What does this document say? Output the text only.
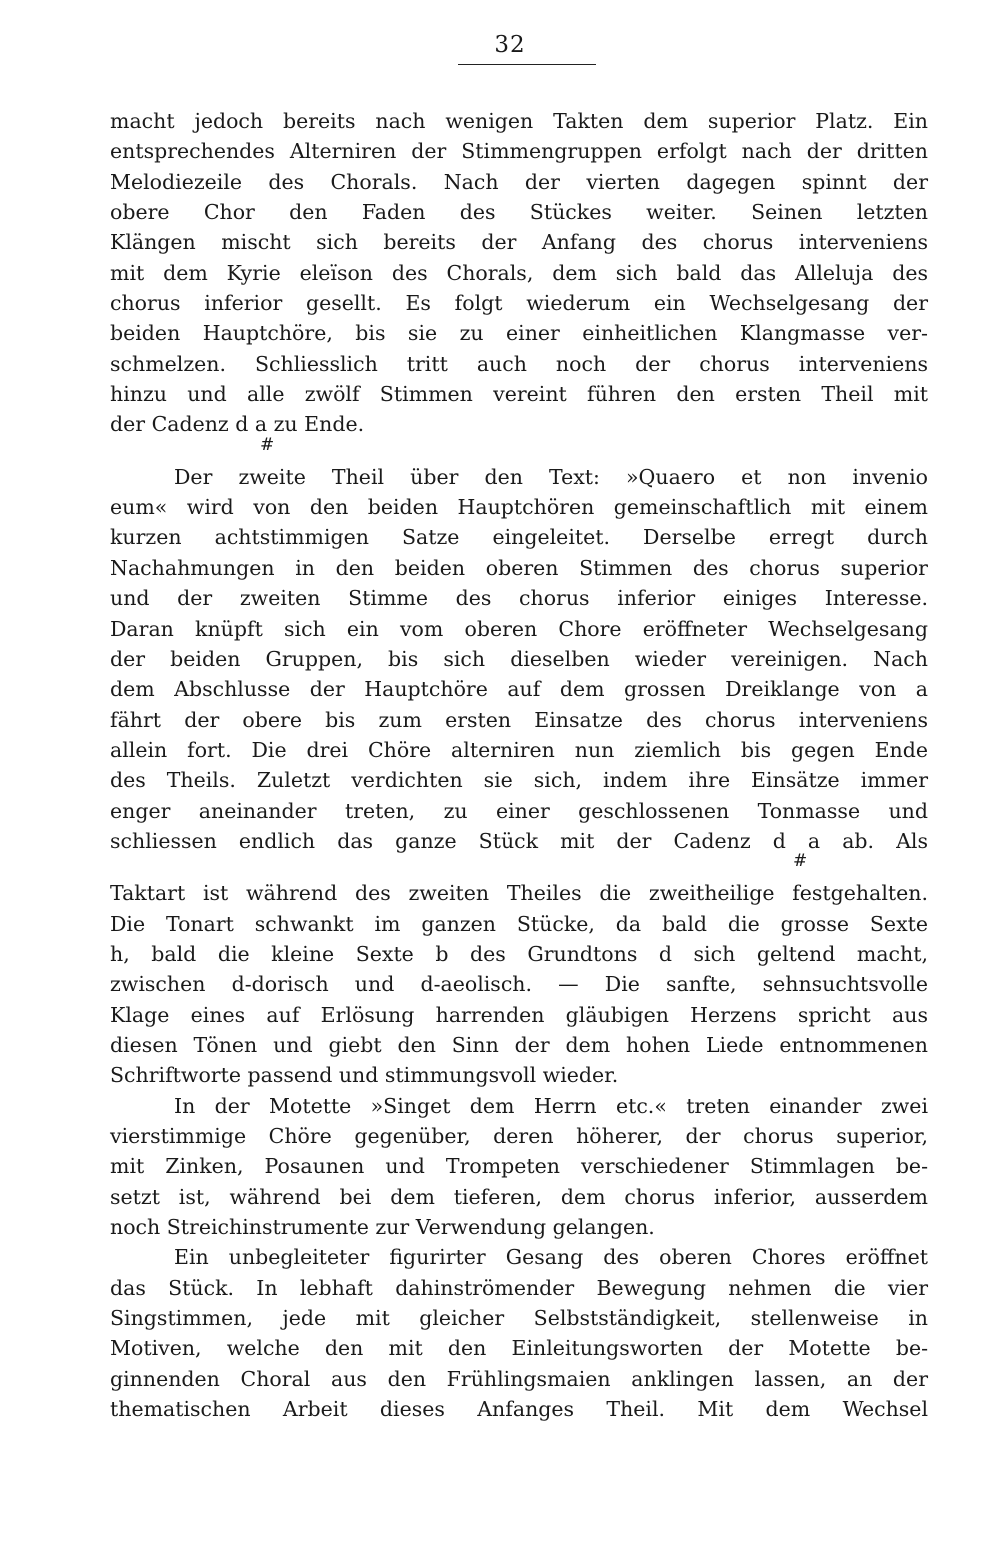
32
macht jedoch bereits nach wenigen Takten dem superior Platz. Ein
entsprechendes Alterniren der Stimmengruppen erfolgt nach der dritten
Melodiezeile des Chorals. Nach der vierten dagegen spinnt der
obere Chor den Faden des Stückes weiter. Seinen letzten
Klängen mischt sich bereits der Anfang des chorus interveniens
mit dem Kyrie eleïson des Chorals, dem sich bald das Alleluja des
chorus inferior gesellt. Es folgt wiederum ein Wechselgesang der
beiden Hauptchöre, bis sie zu einer einheitlichen Klangmasse ver-
schmelzen. Schliesslich tritt auch noch der chorus interveniens
hinzu und alle zwölf Stimmen vereint führen den ersten Theil mit
der Cadenz d a zu Ende.
#
Der zweite Theil über den Text: »Quaero et non invenio
eum« wird von den beiden Hauptchören gemeinschaftlich mit einem
kurzen achtstimmigen Satze eingeleitet. Derselbe erregt durch
Nachahmungen in den beiden oberen Stimmen des chorus superior
und der zweiten Stimme des chorus inferior einiges Interesse.
Daran knüpft sich ein vom oberen Chore eröffneter Wechselgesang
der beiden Gruppen, bis sich dieselben wieder vereinigen. Nach
dem Abschlusse der Hauptchöre auf dem grossen Dreiklange von a
fährt der obere bis zum ersten Einsatze des chorus interveniens
allein fort. Die drei Chöre alterniren nun ziemlich bis gegen Ende
des Theils. Zuletzt verdichten sie sich, indem ihre Einsätze immer
enger aneinander treten, zu einer geschlossenen Tonmasse und
schliessen endlich das ganze Stück mit der Cadenz d a ab. Als
#
Taktart ist während des zweiten Theiles die zweitheilige festgehalten.
Die Tonart schwankt im ganzen Stücke, da bald die grosse Sexte
h, bald die kleine Sexte b des Grundtons d sich geltend macht,
zwischen d-dorisch und d-aeolisch. — Die sanfte, sehnsuchtsvolle
Klage eines auf Erlösung harrenden gläubigen Herzens spricht aus
diesen Tönen und giebt den Sinn der dem hohen Liede entnommenen
Schriftworte passend und stimmungsvoll wieder.
In der Motette »Singet dem Herrn etc.« treten einander zwei
vierstimmige Chöre gegenüber, deren höherer, der chorus superior,
mit Zinken, Posaunen und Trompeten verschiedener Stimmlagen be-
setzt ist, während bei dem tieferen, dem chorus inferior, ausserdem
noch Streichinstrumente zur Verwendung gelangen.
Ein unbegleiteter figurirter Gesang des oberen Chores eröffnet
das Stück. In lebhaft dahinströmender Bewegung nehmen die vier
Singstimmen, jede mit gleicher Selbstständigkeit, stellenweise in
Motiven, welche den mit den Einleitungsworten der Motette be-
ginnenden Choral aus den Frühlingsmaien anklingen lassen, an der
thematischen Arbeit dieses Anfanges Theil. Mit dem Wechsel
